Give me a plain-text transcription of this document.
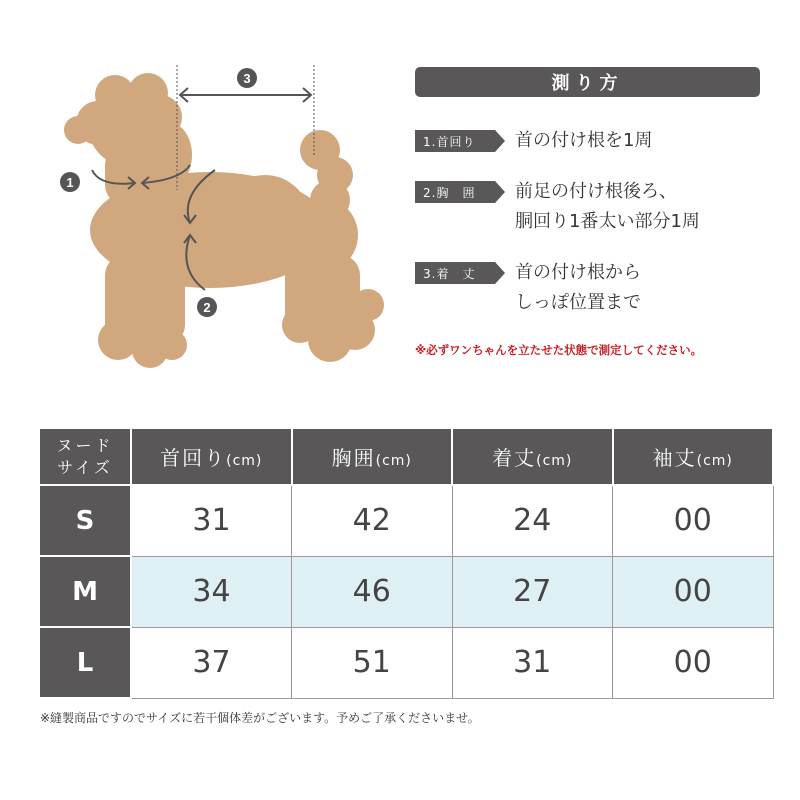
3
1
2
測り方
1.首回り	首の付け根を1周
2.胸　囲	前足の付け根後ろ、
胴回り1番太い部分1周
3.着　丈	首の付け根から
しっぽ位置まで
※必ずワンちゃんを立たせた状態で測定してください。
ヌード
サイズ	首回り(cm)	胸囲(cm)	着丈(cm)	袖丈(cm)
S	31	42	24	00
M	34	46	27	00
L	37	51	31	00
※縫製商品ですのでサイズに若干個体差がございます。予めご了承くださいませ。
